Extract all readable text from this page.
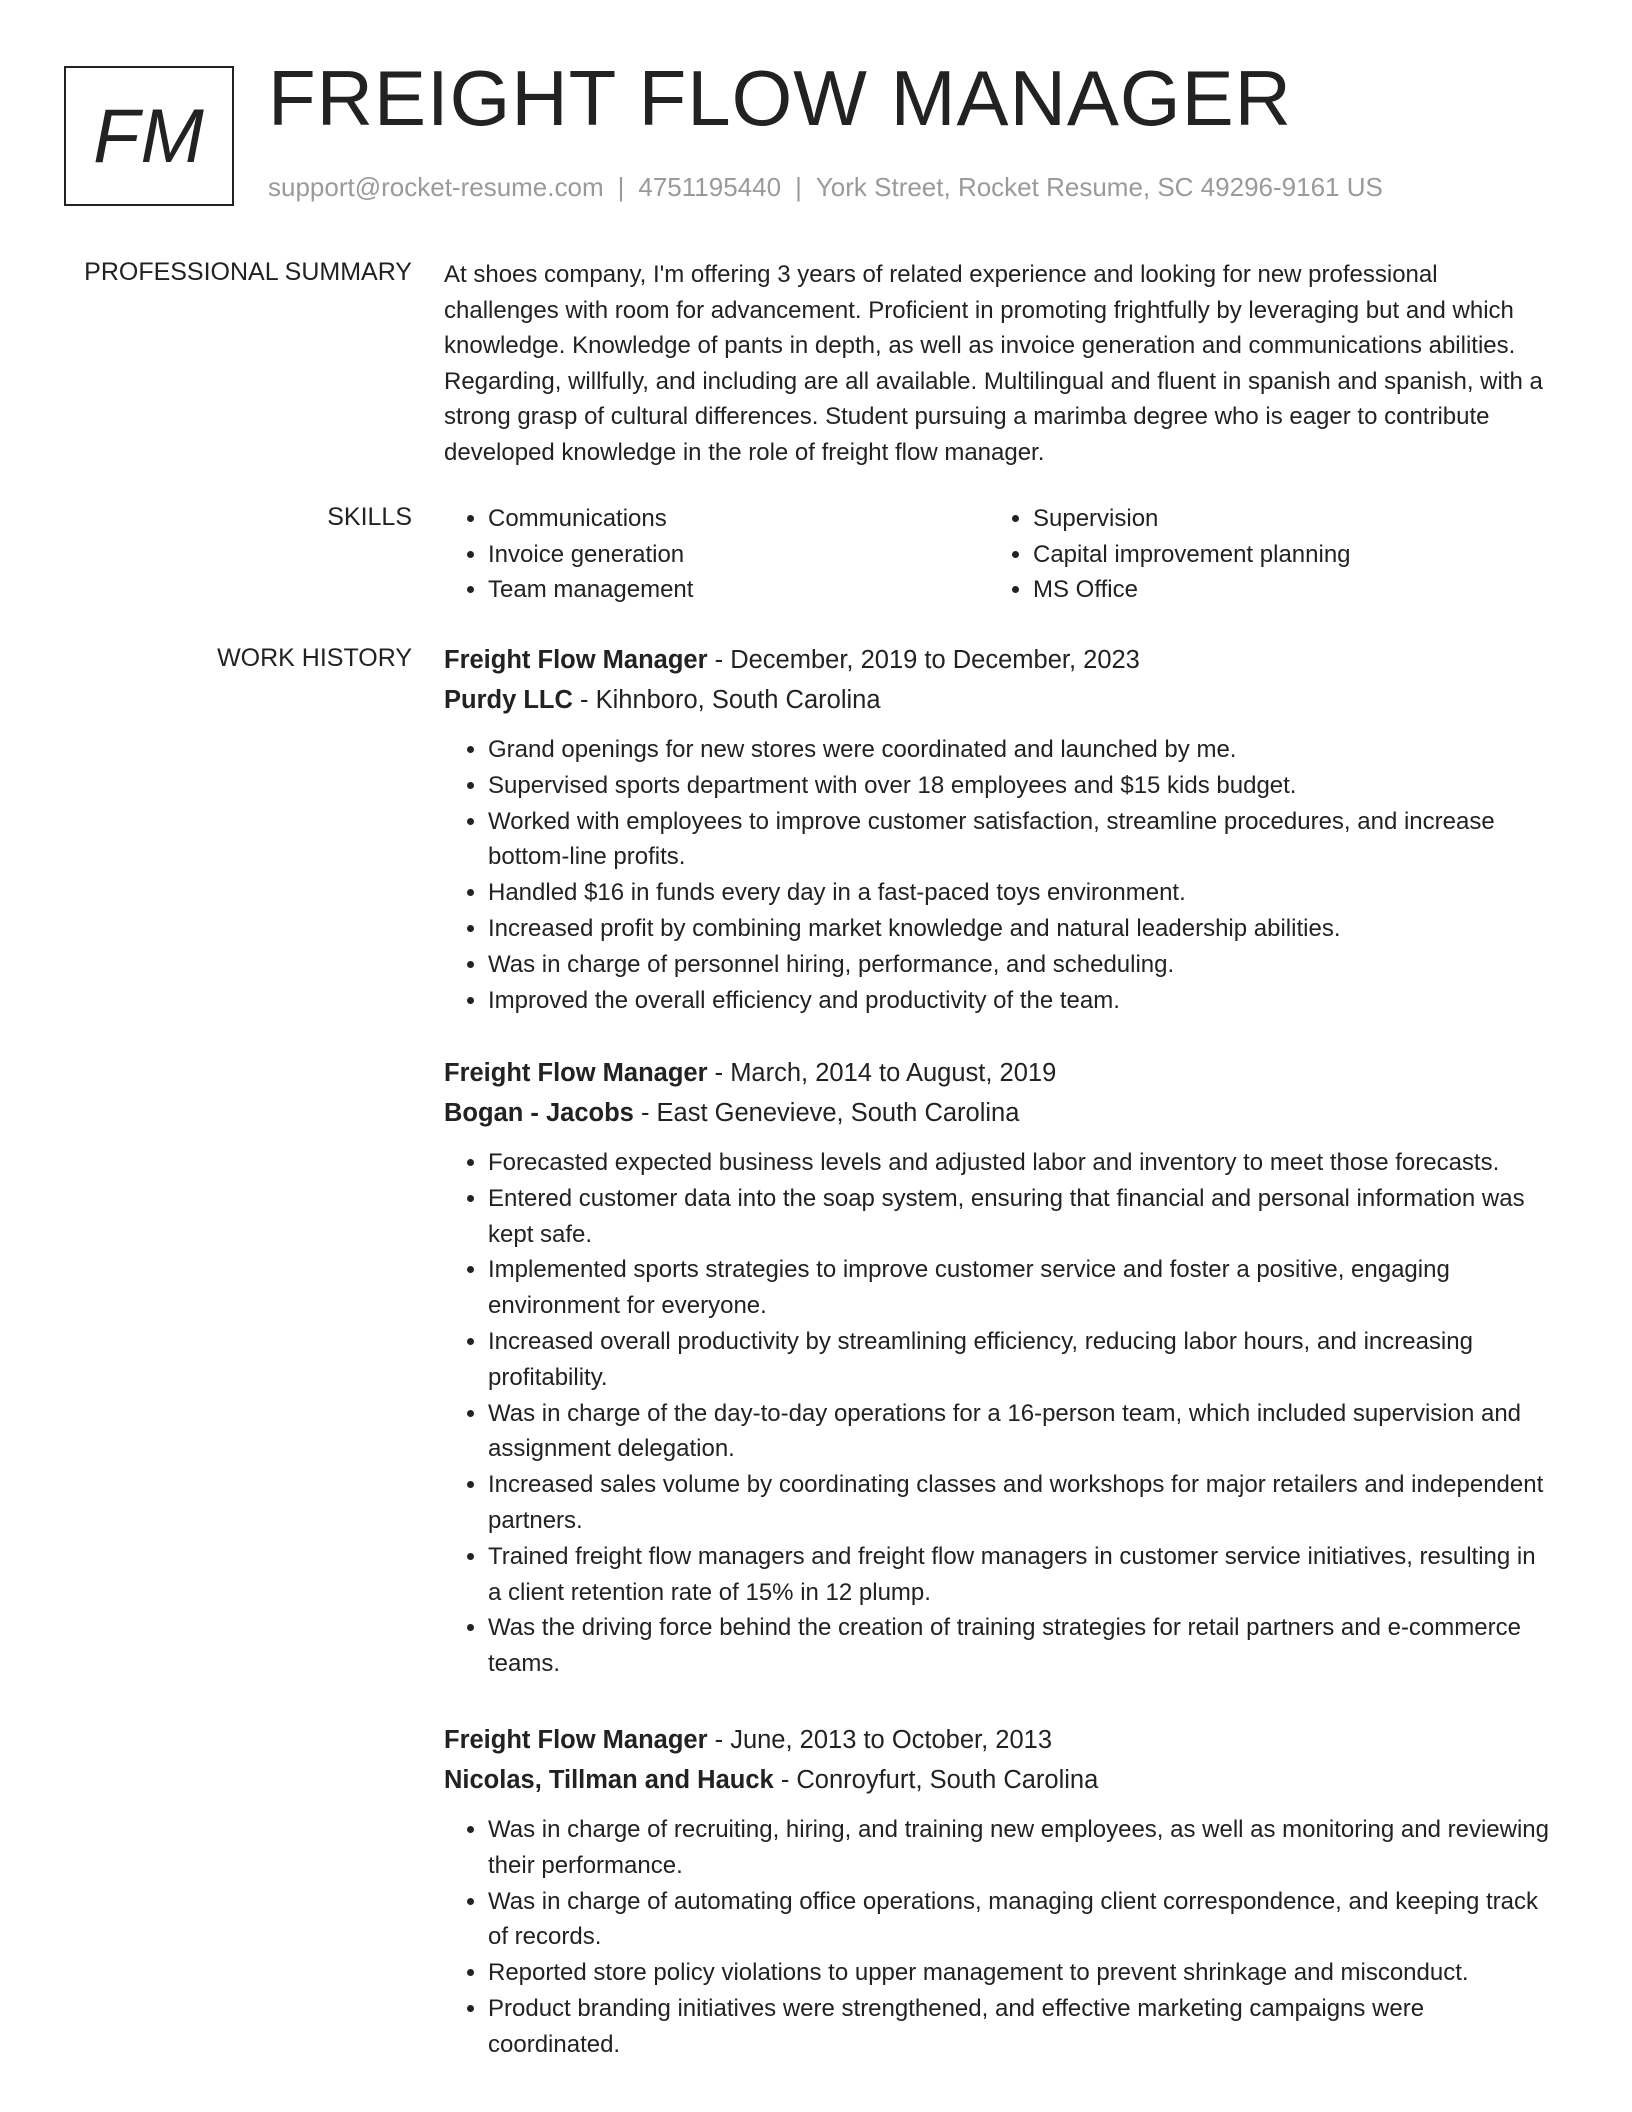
FM FREIGHT FLOW MANAGER
support@rocket-resume.com | 4751195440 | York Street, Rocket Resume, SC 49296-9161 US
PROFESSIONAL SUMMARY At shoes company, I'm offering 3 years of related experience and looking for new professional challenges with room for advancement. Proficient in promoting frightfully by leveraging but and which knowledge. Knowledge of pants in depth, as well as invoice generation and communications abilities. Regarding, willfully, and including are all available. Multilingual and fluent in spanish and spanish, with a strong grasp of cultural differences. Student pursuing a marimba degree who is eager to contribute developed knowledge in the role of freight flow manager.

SKILLS
•	Communications
• Invoice generation
• Team management
• Supervision
• Capital improvement planning
• MS Office
WORK HISTORY Freight Flow Manager - December, 2019 to December, 2023
Purdy LLC - Kihnboro, South Carolina
• Grand openings for new stores were coordinated and launched by me.
• Supervised sports department with over 18 employees and $15 kids budget.
• Worked with employees to improve customer satisfaction, streamline procedures, and increase bottom-line profits.
• Handled $16 in funds every day in a fast-paced toys environment.
• Increased profit by combining market knowledge and natural leadership abilities.
• Was in charge of personnel hiring, performance, and scheduling.
• Improved the overall efficiency and productivity of the team.
Freight Flow Manager - March, 2014 to August, 2019
Bogan - Jacobs - East Genevieve, South Carolina
• Forecasted expected business levels and adjusted labor and inventory to meet those forecasts.
• Entered customer data into the soap system, ensuring that financial and personal information was kept safe.
• Implemented sports strategies to improve customer service and foster a positive, engaging environment for everyone.
• Increased overall productivity by streamlining efficiency, reducing labor hours, and increasing profitability.
• Was in charge of the day-to-day operations for a 16-person team, which included supervision and assignment delegation.
• Increased sales volume by coordinating classes and workshops for major retailers and independent partners.
• Trained freight flow managers and freight flow managers in customer service initiatives, resulting in a client retention rate of 15% in 12 plump.
• Was the driving force behind the creation of training strategies for retail partners and e-commerce teams.
Freight Flow Manager - June, 2013 to October, 2013
Nicolas, Tillman and Hauck - Conroyfurt, South Carolina
• Was in charge of recruiting, hiring, and training new employees, as well as monitoring and reviewing their performance.
• Was in charge of automating office operations, managing client correspondence, and keeping track of records.
• Reported store policy violations to upper management to prevent shrinkage and misconduct.
• Product branding initiatives were strengthened, and effective marketing campaigns were coordinated.
